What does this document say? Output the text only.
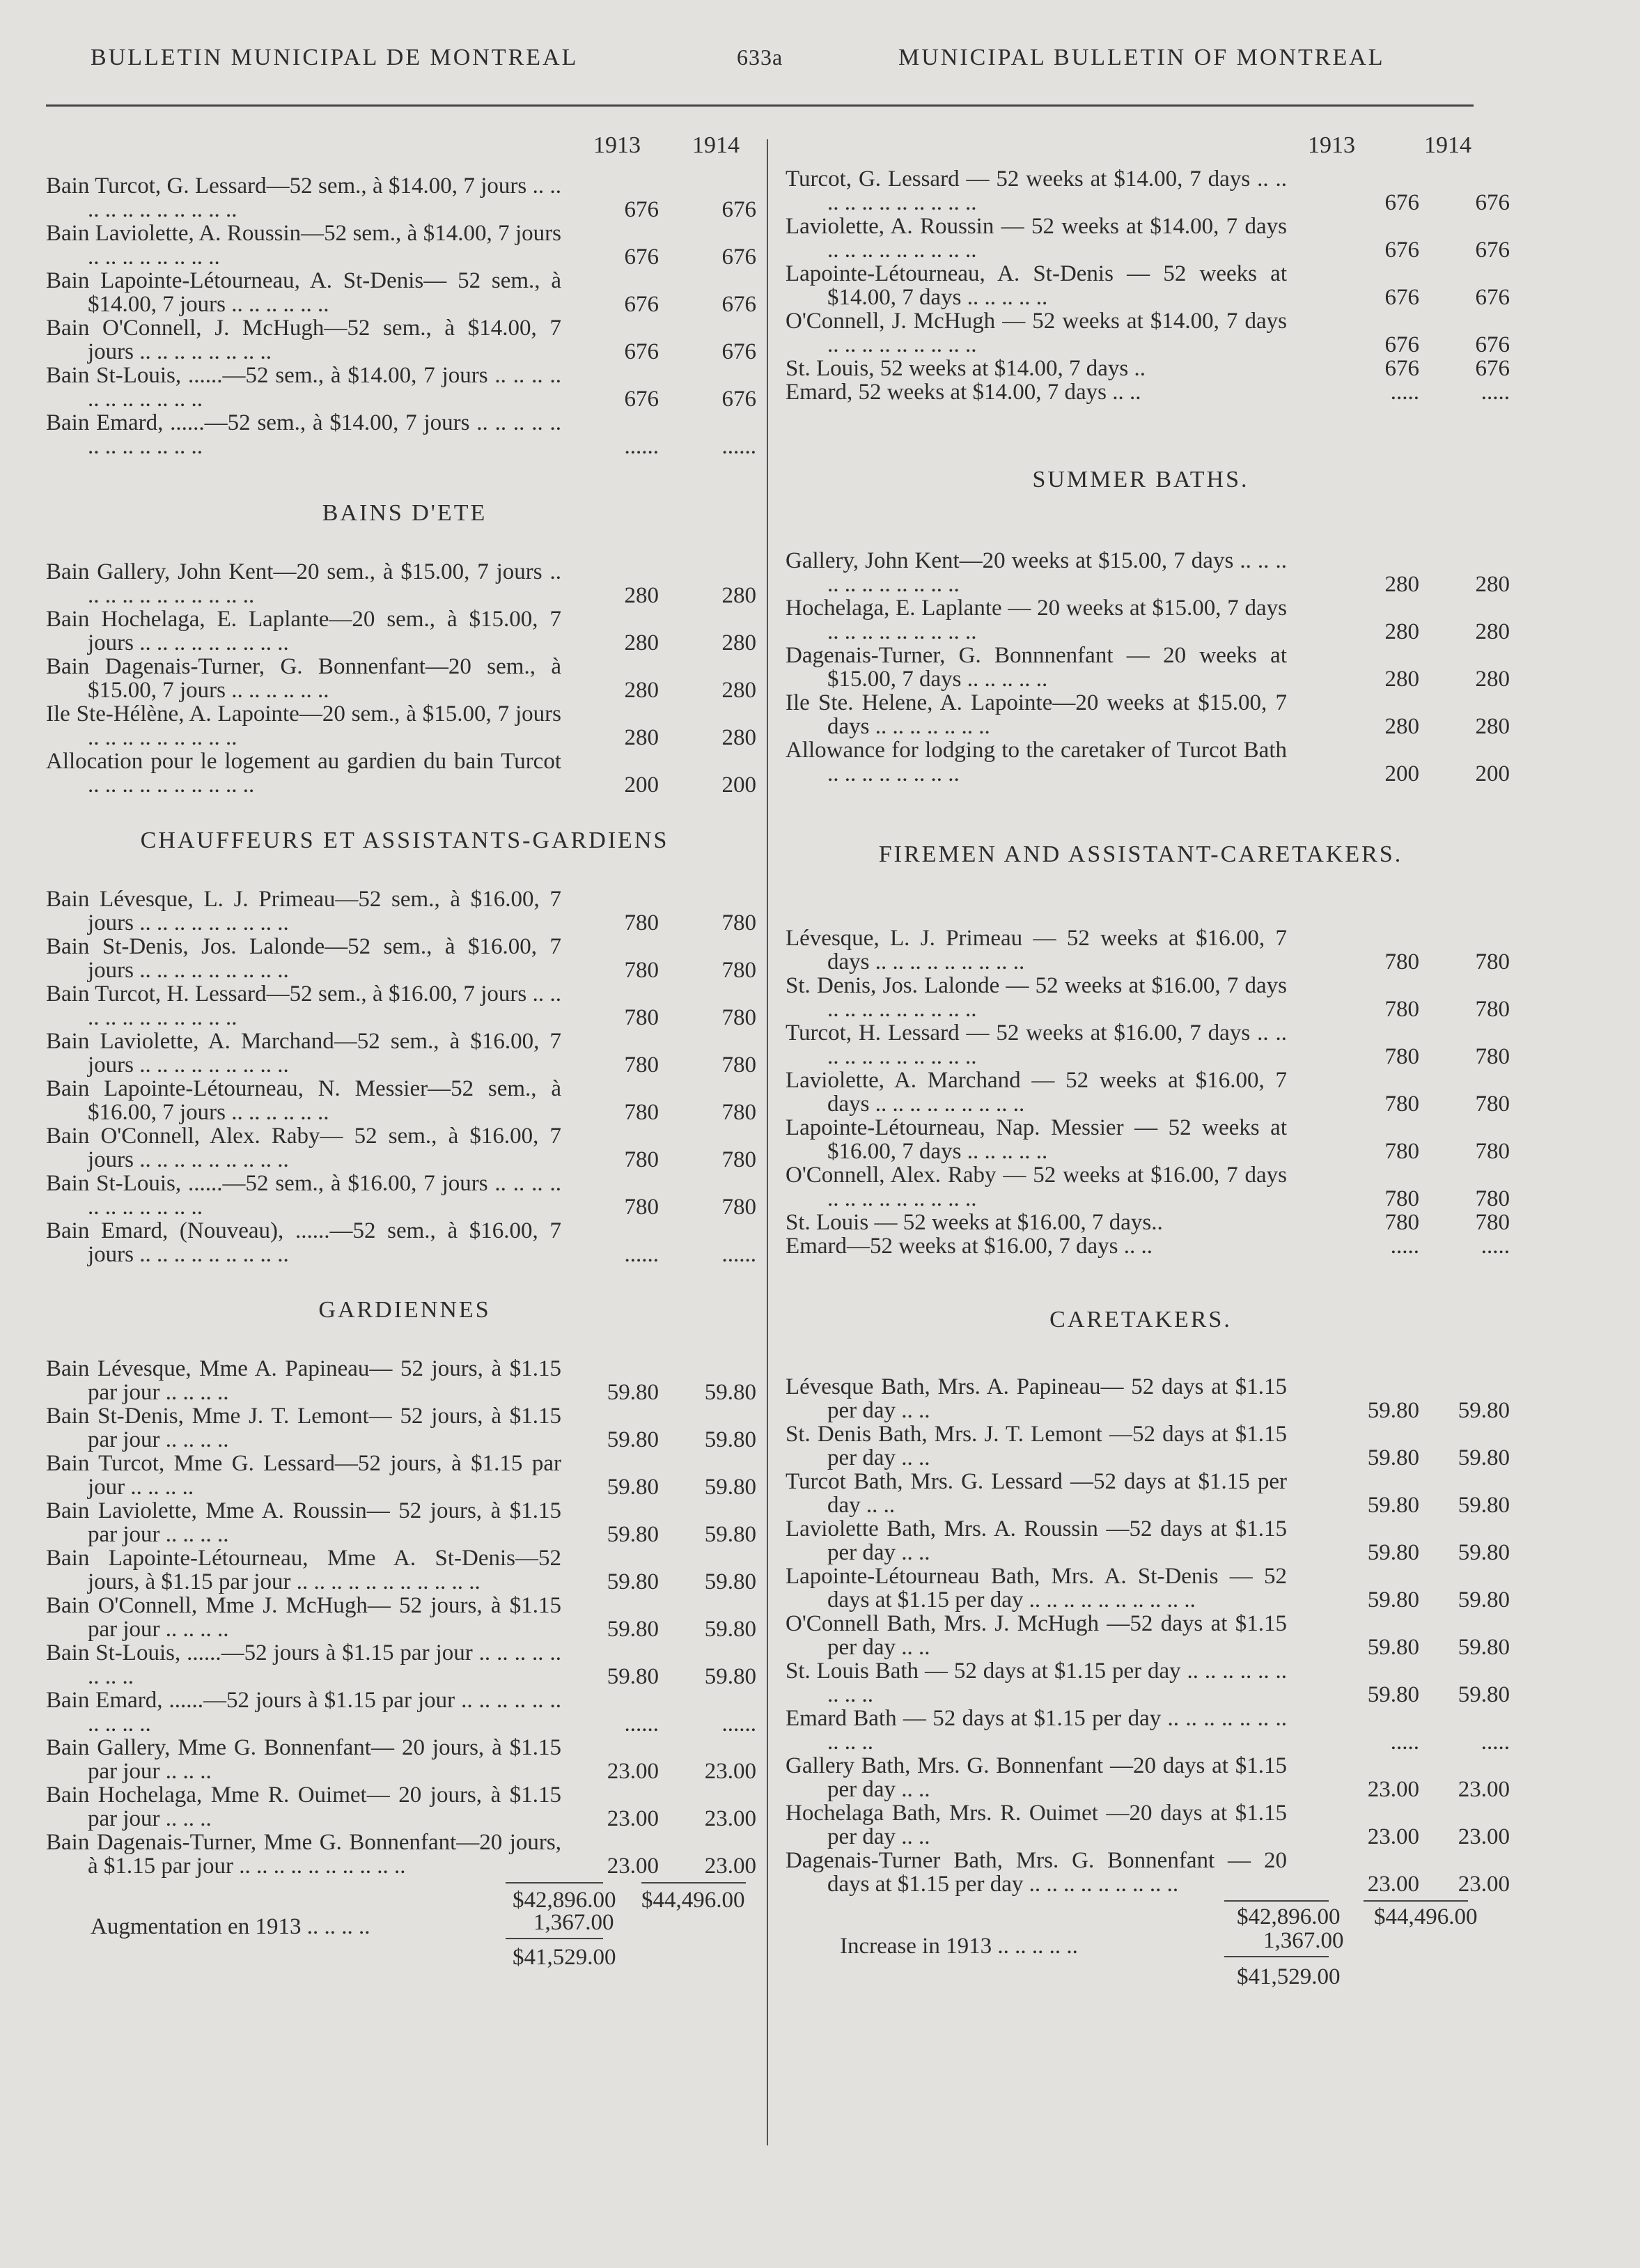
BULLETIN MUNICIPAL DE MONTREAL	633a	MUNICIPAL BULLETIN OF MONTREAL
1913 1914
Bain Turcot, G. Lessard—52 sem., à $14.00, 7 jours .. .. .. .. .. .. .. .. .. .. ..	676	676
Bain Laviolette, A. Roussin—52 sem., à $14.00, 7 jours .. .. .. .. .. .. .. ..	676	676
Bain Lapointe-Létourneau, A. St-Denis— 52 sem., à $14.00, 7 jours .. .. .. .. .. ..	676	676
Bain O'Connell, J. McHugh—52 sem., à $14.00, 7 jours .. .. .. .. .. .. .. ..	676	676
Bain St-Louis, ......—52 sem., à $14.00, 7 jours .. .. .. .. .. .. .. .. .. .. ..	676	676
Bain Emard, ......—52 sem., à $14.00, 7 jours .. .. .. .. .. .. .. .. .. .. .. ..	......	......
BAINS D'ETE
Bain Gallery, John Kent—20 sem., à $15.00, 7 jours .. .. .. .. .. .. .. .. .. .. ..	280	280
Bain Hochelaga, E. Laplante—20 sem., à $15.00, 7 jours .. .. .. .. .. .. .. .. ..	280	280
Bain Dagenais-Turner, G. Bonnenfant—20 sem., à $15.00, 7 jours .. .. .. .. .. ..	280	280
Ile Ste-Hélène, A. Lapointe—20 sem., à $15.00, 7 jours .. .. .. .. .. .. .. .. ..	280	280
Allocation pour le logement au gardien du bain Turcot .. .. .. .. .. .. .. .. .. ..	200	200
CHAUFFEURS ET ASSISTANTS-GARDIENS
Bain Lévesque, L. J. Primeau—52 sem., à $16.00, 7 jours .. .. .. .. .. .. .. .. ..	780	780
Bain St-Denis, Jos. Lalonde—52 sem., à $16.00, 7 jours .. .. .. .. .. .. .. .. ..	780	780
Bain Turcot, H. Lessard—52 sem., à $16.00, 7 jours .. .. .. .. .. .. .. .. .. .. ..	780	780
Bain Laviolette, A. Marchand—52 sem., à $16.00, 7 jours .. .. .. .. .. .. .. .. ..	780	780
Bain Lapointe-Létourneau, N. Messier—52 sem., à $16.00, 7 jours .. .. .. .. .. ..	780	780
Bain O'Connell, Alex. Raby— 52 sem., à $16.00, 7 jours .. .. .. .. .. .. .. .. ..	780	780
Bain St-Louis, ......—52 sem., à $16.00, 7 jours .. .. .. .. .. .. .. .. .. .. ..	780	780
Bain Emard, (Nouveau), ......—52 sem., à $16.00, 7 jours .. .. .. .. .. .. .. .. ..	......	......
GARDIENNES
Bain Lévesque, Mme A. Papineau— 52 jours, à $1.15 par jour .. .. .. ..	59.80	59.80
Bain St-Denis, Mme J. T. Lemont— 52 jours, à $1.15 par jour .. .. .. ..	59.80	59.80
Bain Turcot, Mme G. Lessard—52 jours, à $1.15 par jour .. .. .. ..	59.80	59.80
Bain Laviolette, Mme A. Roussin— 52 jours, à $1.15 par jour .. .. .. ..	59.80	59.80
Bain Lapointe-Létourneau, Mme A. St-Denis—52 jours, à $1.15 par jour .. .. .. .. .. .. .. .. .. .. ..	59.80	59.80
Bain O'Connell, Mme J. McHugh— 52 jours, à $1.15 par jour .. .. .. ..	59.80	59.80
Bain St-Louis, ......—52 jours à $1.15 par jour .. .. .. .. .. .. .. ..	59.80	59.80
Bain Emard, ......—52 jours à $1.15 par jour .. .. .. .. .. .. .. .. .. ..	......	......
Bain Gallery, Mme G. Bonnenfant— 20 jours, à $1.15 par jour .. .. ..	23.00	23.00
Bain Hochelaga, Mme R. Ouimet— 20 jours, à $1.15 par jour .. .. ..	23.00	23.00
Bain Dagenais-Turner, Mme G. Bonnenfant—20 jours, à $1.15 par jour .. .. .. .. .. .. .. .. .. ..	23.00	23.00
$42,896.00 $44,496.00
Augmentation en 1913 .. .. .. ..	1,367.00
$41,529.00
1913	1914
Turcot, G. Lessard — 52 weeks at $14.00, 7 days .. .. .. .. .. .. .. .. .. .. ..	676	676
Laviolette, A. Roussin — 52 weeks at $14.00, 7 days .. .. .. .. .. .. .. .. ..	676	676
Lapointe-Létourneau, A. St-Denis — 52 weeks at $14.00, 7 days .. .. .. .. ..	676	676
O'Connell, J. McHugh — 52 weeks at $14.00, 7 days .. .. .. .. .. .. .. .. ..	676	676
St. Louis, 52 weeks at $14.00, 7 days ..	676	676
Emard, 52 weeks at $14.00, 7 days .. ..	.....	.....
SUMMER BATHS.
Gallery, John Kent—20 weeks at $15.00, 7 days .. .. .. .. .. .. .. .. .. .. ..	280	280
Hochelaga, E. Laplante — 20 weeks at $15.00, 7 days .. .. .. .. .. .. .. .. ..	280	280
Dagenais-Turner, G. Bonnnenfant — 20 weeks at $15.00, 7 days .. .. .. .. ..	280	280
Ile Ste. Helene, A. Lapointe—20 weeks at $15.00, 7 days .. .. .. .. .. .. ..	280	280
Allowance for lodging to the caretaker of Turcot Bath .. .. .. .. .. .. .. ..	200	200
FIREMEN AND ASSISTANT-CARETAKERS.
Lévesque, L. J. Primeau — 52 weeks at $16.00, 7 days .. .. .. .. .. .. .. .. ..	780	780
St. Denis, Jos. Lalonde — 52 weeks at $16.00, 7 days .. .. .. .. .. .. .. .. ..	780	780
Turcot, H. Lessard — 52 weeks at $16.00, 7 days .. .. .. .. .. .. .. .. .. .. ..	780	780
Laviolette, A. Marchand — 52 weeks at $16.00, 7 days .. .. .. .. .. .. .. .. ..	780	780
Lapointe-Létourneau, Nap. Messier — 52 weeks at $16.00, 7 days .. .. .. .. ..	780	780
O'Connell, Alex. Raby — 52 weeks at $16.00, 7 days .. .. .. .. .. .. .. .. ..	780	780
St. Louis — 52 weeks at $16.00, 7 days..	780	780
Emard—52 weeks at $16.00, 7 days .. ..	.....	.....
CARETAKERS.
Lévesque Bath, Mrs. A. Papineau— 52 days at $1.15 per day .. ..	59.80	59.80
St. Denis Bath, Mrs. J. T. Lemont —52 days at $1.15 per day .. ..	59.80	59.80
Turcot Bath, Mrs. G. Lessard —52 days at $1.15 per day .. ..	59.80	59.80
Laviolette Bath, Mrs. A. Roussin —52 days at $1.15 per day .. ..	59.80	59.80
Lapointe-Létourneau Bath, Mrs. A. St-Denis — 52 days at $1.15 per day .. .. .. .. .. .. .. .. .. ..	59.80	59.80
O'Connell Bath, Mrs. J. McHugh —52 days at $1.15 per day .. ..	59.80	59.80
St. Louis Bath — 52 days at $1.15 per day .. .. .. .. .. .. .. .. ..	59.80	59.80
Emard Bath — 52 days at $1.15 per day .. .. .. .. .. .. .. .. .. ..	.....	.....
Gallery Bath, Mrs. G. Bonnenfant —20 days at $1.15 per day .. ..	23.00	23.00
Hochelaga Bath, Mrs. R. Ouimet —20 days at $1.15 per day .. ..	23.00	23.00
Dagenais-Turner Bath, Mrs. G. Bonnenfant — 20 days at $1.15 per day .. .. .. .. .. .. .. .. ..	23.00	23.00
$42,896.00 $44,496.00
Increase in 1913 .. .. .. .. ..	1,367.00
$41,529.00
